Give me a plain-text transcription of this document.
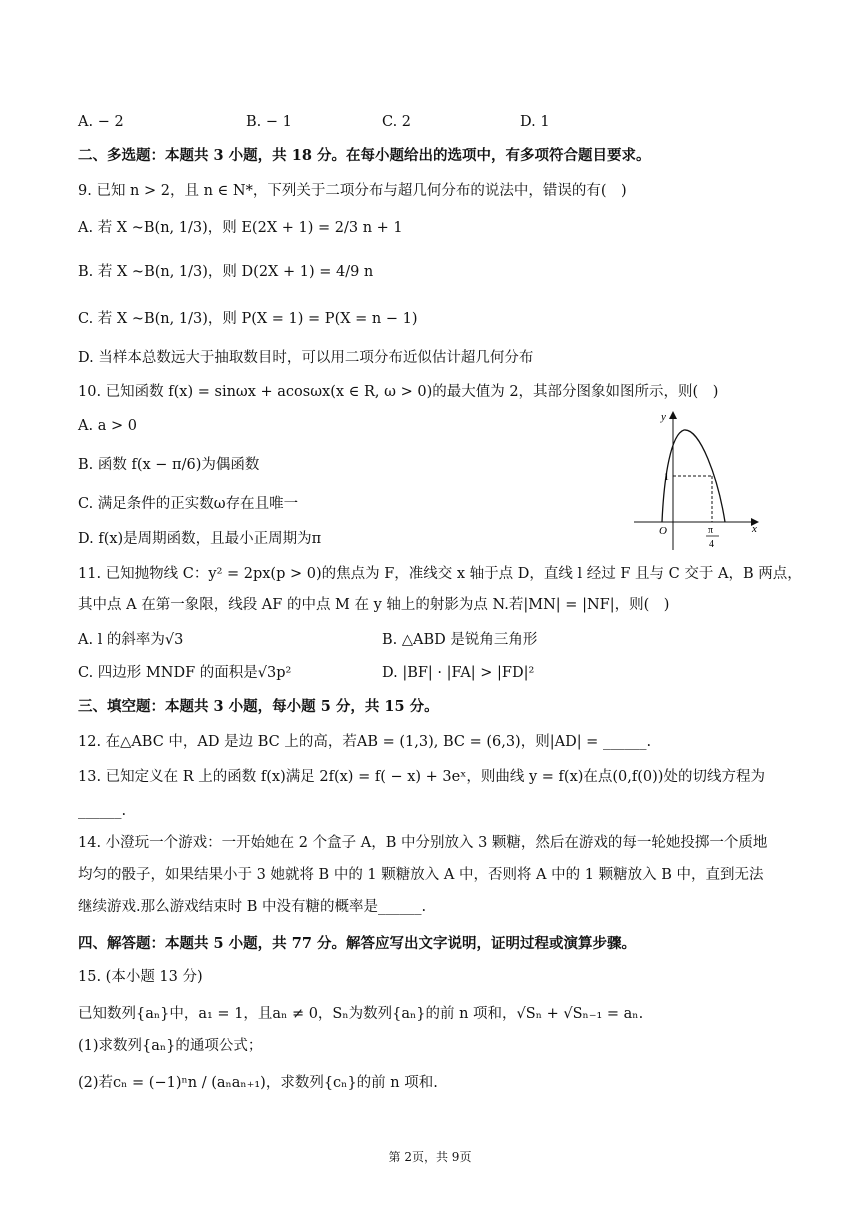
A. − 2	B. − 1	C. 2	D. 1
二、多选题：本题共 3 小题，共 18 分。在每小题给出的选项中，有多项符合题目要求。
9. 已知 n > 2，且 n ∈ N*，下列关于二项分布与超几何分布的说法中，错误的有(　)
A. 若 X ~B(n, 1/3)，则 E(2X + 1) = 2/3 n + 1
B. 若 X ~B(n, 1/3)，则 D(2X + 1) = 4/9 n
C. 若 X ~B(n, 1/3)，则 P(X = 1) = P(X = n − 1)
D. 当样本总数远大于抽取数目时，可以用二项分布近似估计超几何分布
10. 已知函数 f(x) = sinωx + acosωx(x ∈ R, ω > 0)的最大值为 2，其部分图象如图所示，则(　)
A. a > 0
B. 函数 f(x − π/6)为偶函数
C. 满足条件的正实数ω存在且唯一
D. f(x)是周期函数，且最小正周期为π
y
x
O
1
π
4
11. 已知抛物线 C：y² = 2px(p > 0)的焦点为 F，准线交 x 轴于点 D，直线 l 经过 F 且与 C 交于 A，B 两点，
其中点 A 在第一象限，线段 AF 的中点 M 在 y 轴上的射影为点 N.若|MN| = |NF|，则(　)
A. l 的斜率为√3	B. △ABD 是锐角三角形
C. 四边形 MNDF 的面积是√3p²	D. |BF| · |FA| > |FD|²
三、填空题：本题共 3 小题，每小题 5 分，共 15 分。
12. 在△ABC 中，AD 是边 BC 上的高，若AB = (1,3), BC = (6,3)，则|AD| = ______.
13. 已知定义在 R 上的函数 f(x)满足 2f(x) = f( − x) + 3eˣ，则曲线 y = f(x)在点(0,f(0))处的切线方程为
______.
14. 小澄玩一个游戏：一开始她在 2 个盒子 A，B 中分别放入 3 颗糖，然后在游戏的每一轮她投掷一个质地
均匀的骰子，如果结果小于 3 她就将 B 中的 1 颗糖放入 A 中，否则将 A 中的 1 颗糖放入 B 中，直到无法
继续游戏.那么游戏结束时 B 中没有糖的概率是______.
四、解答题：本题共 5 小题，共 77 分。解答应写出文字说明，证明过程或演算步骤。
15. (本小题 13 分)
已知数列{aₙ}中，a₁ = 1，且aₙ ≠ 0，Sₙ为数列{aₙ}的前 n 项和，√Sₙ + √Sₙ₋₁ = aₙ.
(1)求数列{aₙ}的通项公式；
(2)若cₙ = (−1)ⁿn / (aₙaₙ₊₁)，求数列{cₙ}的前 n 项和.
第 2页，共 9页
